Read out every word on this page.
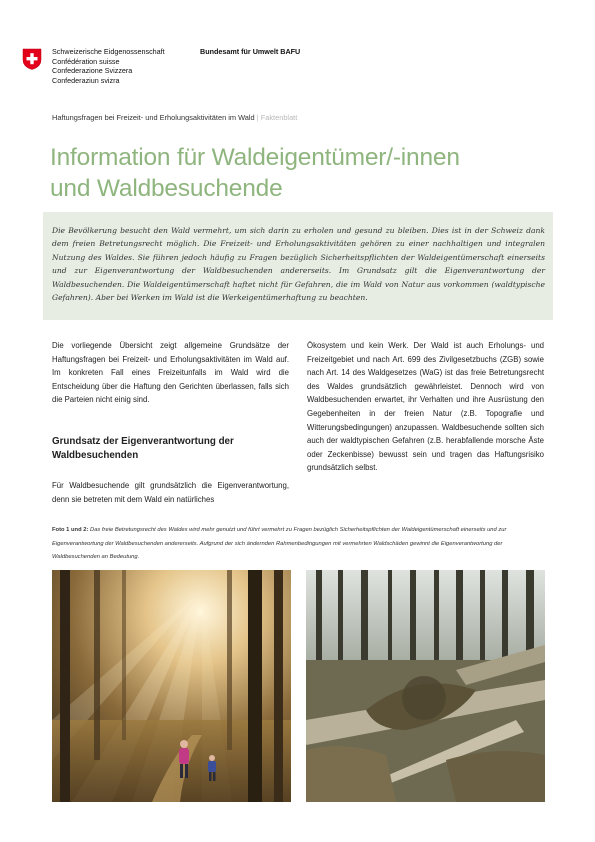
Schweizerische Eidgenossenschaft
Confédération suisse
Confederazione Svizzera
Confederaziun svizra
Bundesamt für Umwelt BAFU
Haftungsfragen bei Freizeit- und Erholungsaktivitäten im Wald | Faktenblatt
Information für Waldeigentümer/-innen
und Waldbesuchende
Die Bevölkerung besucht den Wald vermehrt, um sich darin zu erholen und gesund zu bleiben. Dies ist in der Schweiz dank dem freien Betretungsrecht möglich. Die Freizeit- und Erholungsaktivitäten gehören zu einer nachhaltigen und integralen Nutzung des Waldes. Sie führen jedoch häufig zu Fragen bezüglich Sicherheitspflichten der Waldeigentümerschaft einerseits und zur Eigenverantwortung der Waldbesuchenden andererseits. Im Grundsatz gilt die Eigenverantwortung der Waldbesuchenden. Die Waldeigentümerschaft haftet nicht für Gefahren, die im Wald von Natur aus vorkommen (waldtypische Gefahren). Aber bei Werken im Wald ist die Werkeigentümerhaftung zu beachten.
Die vorliegende Übersicht zeigt allgemeine Grundsätze der Haftungsfragen bei Freizeit- und Erholungsaktivitäten im Wald auf. Im konkreten Fall eines Freizeitunfalls im Wald wird die Entscheidung über die Haftung den Gerichten überlassen, falls sich die Parteien nicht einig sind.
Grundsatz der Eigenverantwortung der Waldbesuchenden
Für Waldbesuchende gilt grundsätzlich die Eigenverantwortung, denn sie betreten mit dem Wald ein natürliches
Ökosystem und kein Werk. Der Wald ist auch Erholungs- und Freizeitgebiet und nach Art. 699 des Zivilgesetzbuchs (ZGB) sowie nach Art. 14 des Waldgesetzes (WaG) ist das freie Betretungsrecht des Waldes grundsätzlich gewährleistet. Dennoch wird von Waldbesuchenden erwartet, ihr Verhalten und ihre Ausrüstung den Gegebenheiten in der freien Natur (z.B. Topografie und Witterungsbedingungen) anzupassen. Waldbesuchende sollten sich auch der waldtypischen Gefahren (z.B. herabfallende morsche Äste oder Zeckenbisse) bewusst sein und tragen das Haftungsrisiko grundsätzlich selbst.
Foto 1 und 2: Das freie Betretungsrecht des Waldes wird mehr genutzt und führt vermehrt zu Fragen bezüglich Sicherheitspflichten der Waldeigentümerschaft einerseits und zur Eigenverantwortung der Waldbesuchenden andererseits. Aufgrund der sich ändernden Rahmenbedingungen mit vermehrten Waldschäden gewinnt die Eigenverantwortung der Waldbesuchenden an Bedeutung.
